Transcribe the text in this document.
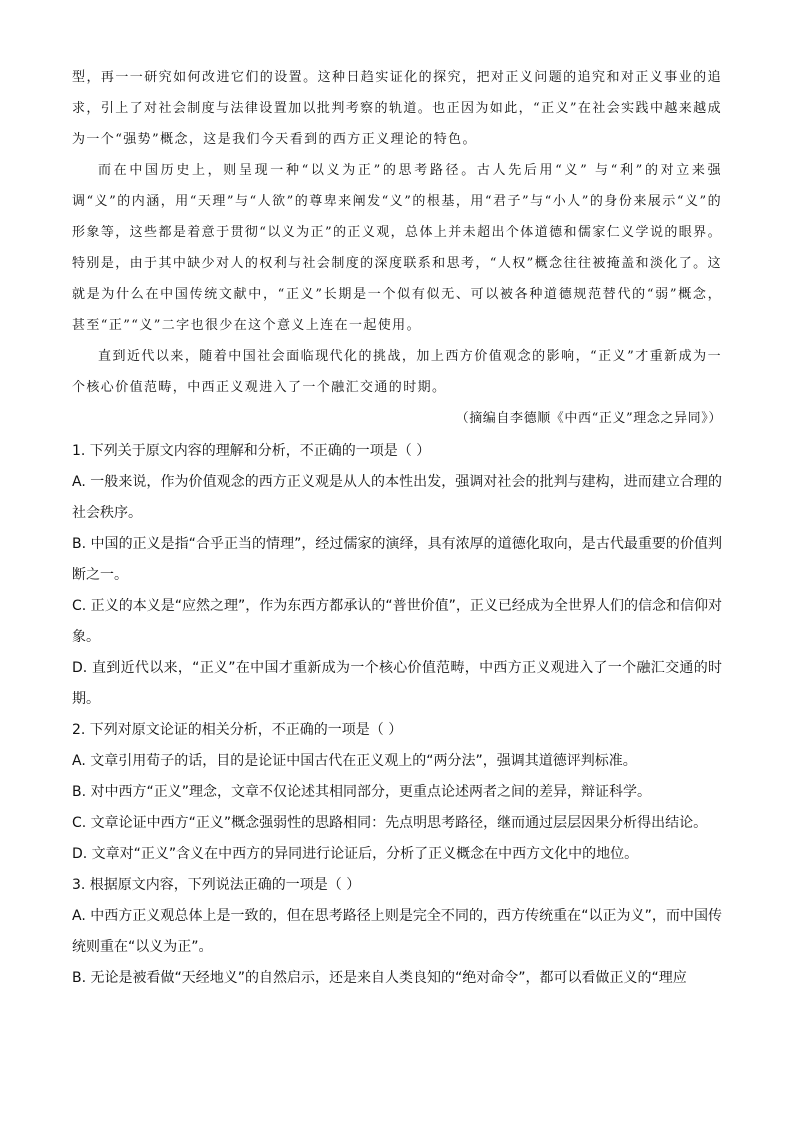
型，再一一研究如何改进它们的设置。这种日趋实证化的探究，把对正义问题的追究和对正义事业的追求，引上了对社会制度与法律设置加以批判考察的轨道。也正因为如此，“正义”在社会实践中越来越成为一个“强势”概念，这是我们今天看到的西方正义理论的特色。

而在中国历史上，则呈现一种“以义为正”的思考路径。古人先后用“义” 与“利”的对立来强调“义”的内涵，用“天理”与“人欲”的尊卑来阐发“义”的根基，用“君子”与“小人”的身份来展示“义”的形象等，这些都是着意于贯彻“以义为正”的正义观，总体上并未超出个体道德和儒家仁义学说的眼界。特别是，由于其中缺少对人的权利与社会制度的深度联系和思考，“人权”概念往往被掩盖和淡化了。这就是为什么在中国传统文献中，“正义”长期是一个似有似无、可以被各种道德规范替代的“弱”概念，甚至“正”“义”二字也很少在这个意义上连在一起使用。

直到近代以来，随着中国社会面临现代化的挑战，加上西方价值观念的影响，“正义”才重新成为一个核心价值范畴，中西正义观进入了一个融汇交通的时期。

（摘编自李德顺《中西“正义”理念之异同》）

1. 下列关于原文内容的理解和分析，不正确的一项是（ ）

A. 一般来说，作为价值观念的西方正义观是从人的本性出发，强调对社会的批判与建构，进而建立合理的社会秩序。

B. 中国的正义是指“合乎正当的情理”，经过儒家的演绎，具有浓厚的道德化取向，是古代最重要的价值判断之一。

C. 正义的本义是“应然之理”，作为东西方都承认的“普世价值”，正义已经成为全世界人们的信念和信仰对象。

D. 直到近代以来，“正义”在中国才重新成为一个核心价值范畴，中西方正义观进入了一个融汇交通的时期。

2. 下列对原文论证的相关分析，不正确的一项是（ ）

A. 文章引用荀子的话，目的是论证中国古代在正义观上的“两分法”，强调其道德评判标准。

B. 对中西方“正义”理念，文章不仅论述其相同部分，更重点论述两者之间的差异，辩证科学。

C. 文章论证中西方“正义”概念强弱性的思路相同：先点明思考路径，继而通过层层因果分析得出结论。

D. 文章对“正义”含义在中西方的异同进行论证后，分析了正义概念在中西方文化中的地位。

3. 根据原文内容，下列说法正确的一项是（ ）

A. 中西方正义观总体上是一致的，但在思考路径上则是完全不同的，西方传统重在“以正为义”，而中国传统则重在“以义为正”。

B. 无论是被看做“天经地义”的自然启示，还是来自人类良知的“绝对命令”，都可以看做正义的“理应
